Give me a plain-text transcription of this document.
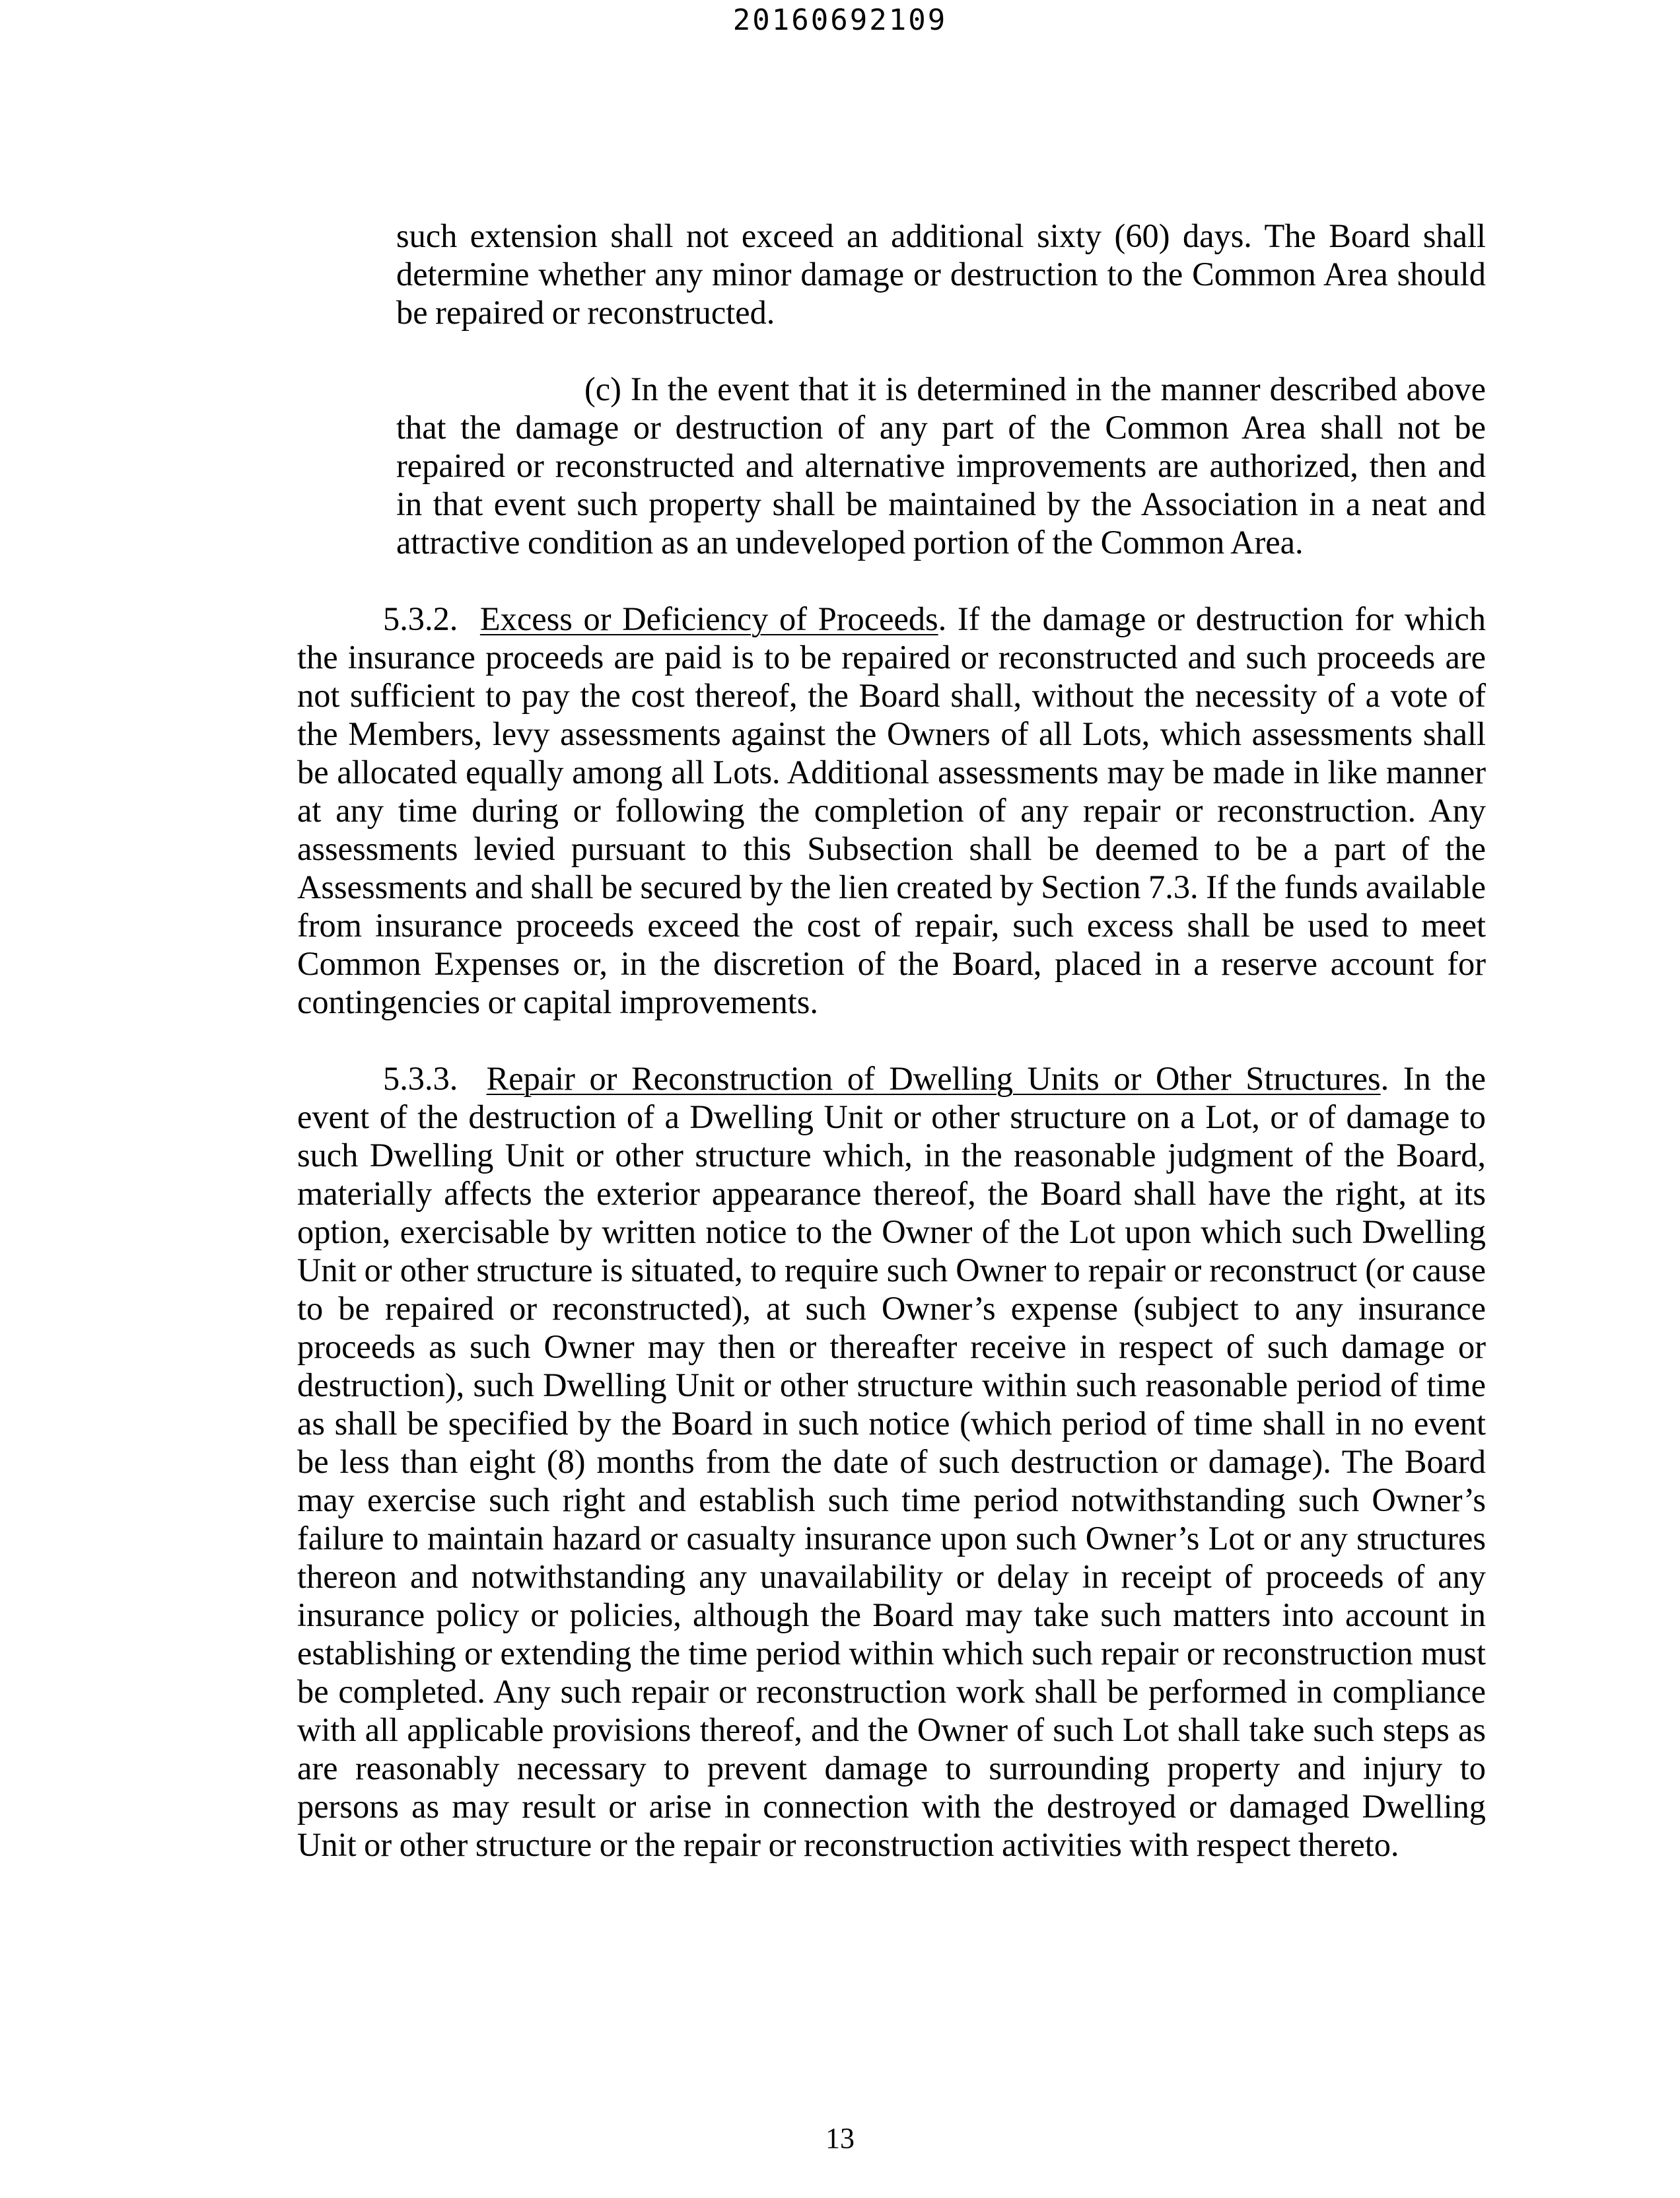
20160692109

such extension shall not exceed an additional sixty (60) days. The Board shall determine whether any minor damage or destruction to the Common Area should be repaired or reconstructed.

(c) In the event that it is determined in the manner described above that the damage or destruction of any part of the Common Area shall not be repaired or reconstructed and alternative improvements are authorized, then and in that event such property shall be maintained by the Association in a neat and attractive condition as an undeveloped portion of the Common Area.

5.3.2. Excess or Deficiency of Proceeds. If the damage or destruction for which the insurance proceeds are paid is to be repaired or reconstructed and such proceeds are not sufficient to pay the cost thereof, the Board shall, without the necessity of a vote of the Members, levy assessments against the Owners of all Lots, which assessments shall be allocated equally among all Lots. Additional assessments may be made in like manner at any time during or following the completion of any repair or reconstruction. Any assessments levied pursuant to this Subsection shall be deemed to be a part of the Assessments and shall be secured by the lien created by Section 7.3. If the funds available from insurance proceeds exceed the cost of repair, such excess shall be used to meet Common Expenses or, in the discretion of the Board, placed in a reserve account for contingencies or capital improvements.

5.3.3. Repair or Reconstruction of Dwelling Units or Other Structures. In the event of the destruction of a Dwelling Unit or other structure on a Lot, or of damage to such Dwelling Unit or other structure which, in the reasonable judgment of the Board, materially affects the exterior appearance thereof, the Board shall have the right, at its option, exercisable by written notice to the Owner of the Lot upon which such Dwelling Unit or other structure is situated, to require such Owner to repair or reconstruct (or cause to be repaired or reconstructed), at such Owner’s expense (subject to any insurance proceeds as such Owner may then or thereafter receive in respect of such damage or destruction), such Dwelling Unit or other structure within such reasonable period of time as shall be specified by the Board in such notice (which period of time shall in no event be less than eight (8) months from the date of such destruction or damage). The Board may exercise such right and establish such time period notwithstanding such Owner’s failure to maintain hazard or casualty insurance upon such Owner’s Lot or any structures thereon and notwithstanding any unavailability or delay in receipt of proceeds of any insurance policy or policies, although the Board may take such matters into account in establishing or extending the time period within which such repair or reconstruction must be completed. Any such repair or reconstruction work shall be performed in compliance with all applicable provisions thereof, and the Owner of such Lot shall take such steps as are reasonably necessary to prevent damage to surrounding property and injury to persons as may result or arise in connection with the destroyed or damaged Dwelling Unit or other structure or the repair or reconstruction activities with respect thereto.

13
